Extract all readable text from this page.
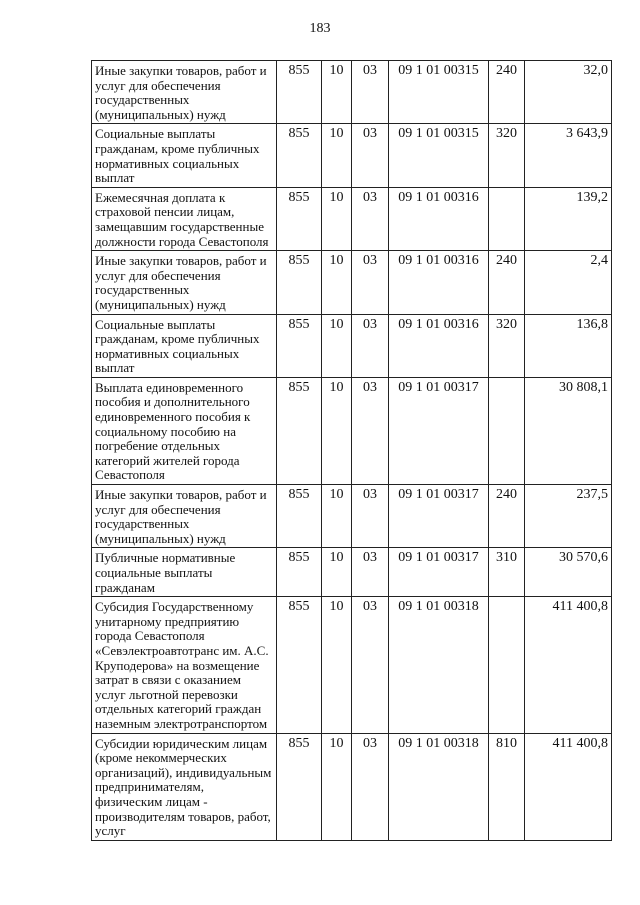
183
Иные закупки товаров, работ и услуг для обеспечения государственных (муниципальных) нужд	855	10	03	09 1 01 00315	240	32,0
Социальные выплаты гражданам, кроме публичных нормативных социальных выплат	855	10	03	09 1 01 00315	320	3 643,9
Ежемесячная доплата к страховой пенсии лицам, замещавшим государственные должности города Севастополя	855	10	03	09 1 01 00316		139,2
Иные закупки товаров, работ и услуг для обеспечения государственных (муниципальных) нужд	855	10	03	09 1 01 00316	240	2,4
Социальные выплаты гражданам, кроме публичных нормативных социальных выплат	855	10	03	09 1 01 00316	320	136,8
Выплата единовременного пособия и дополнительного единовременного пособия к социальному пособию на погребение отдельных категорий жителей города Севастополя	855	10	03	09 1 01 00317		30 808,1
Иные закупки товаров, работ и услуг для обеспечения государственных (муниципальных) нужд	855	10	03	09 1 01 00317	240	237,5
Публичные нормативные социальные выплаты гражданам	855	10	03	09 1 01 00317	310	30 570,6
Субсидия Государственному унитарному предприятию города Севастополя «Севэлектроавтотранс им. А.С. Круподерова» на возмещение затрат в связи с оказанием услуг льготной перевозки отдельных категорий граждан наземным электротранспортом	855	10	03	09 1 01 00318		411 400,8
Субсидии юридическим лицам (кроме некоммерческих организаций), индивидуальным предпринимателям, физическим лицам - производителям товаров, работ, услуг	855	10	03	09 1 01 00318	810	411 400,8
